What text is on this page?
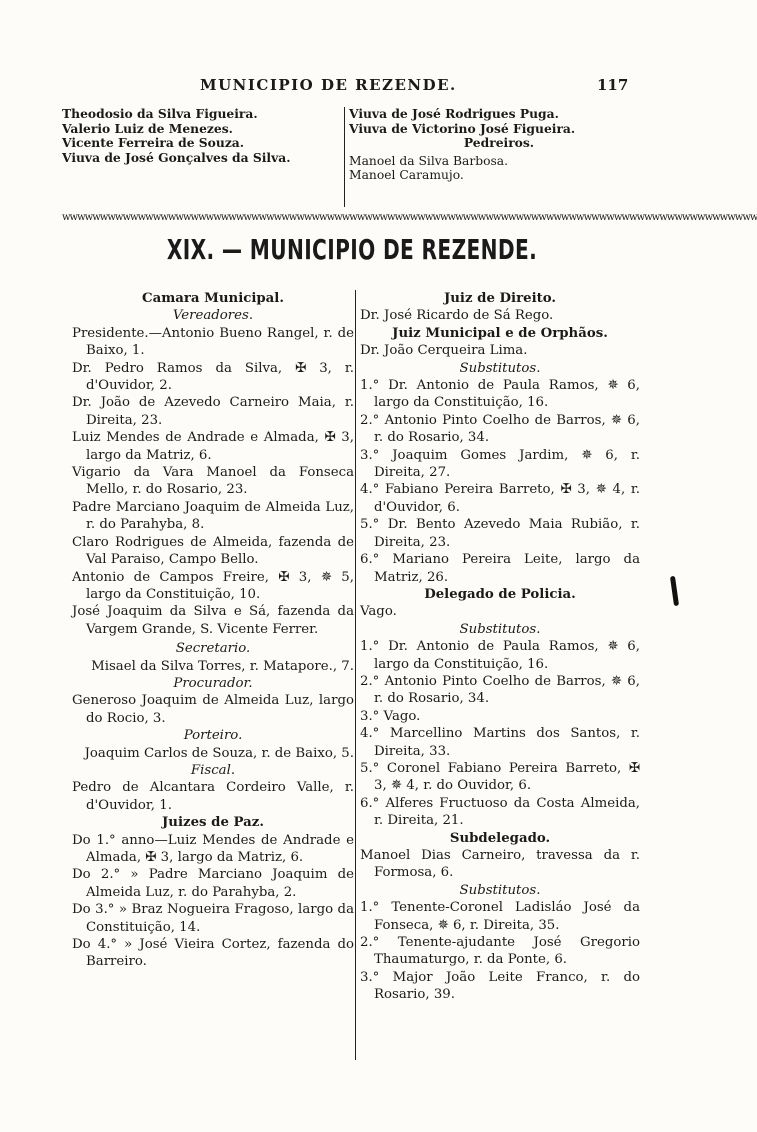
MUNICIPIO DE REZENDE.	117
Theodosio da Silva Figueira.
Valerio Luiz de Menezes.
Vicente Ferreira de Souza.
Viuva de José Gonçalves da Silva.
Viuva de José Rodrigues Puga.
Viuva de Victorino José Figueira.
Pedreiros.
Manoel da Silva Barbosa.
Manoel Caramujo.
wwwwwwwwwwwwwwwwwwwwwwwwwwwwwwwwwwwwwwwwwwwwwwwwwwwwwwwwwwwwwwwwwwwwwwwwwwwwwwwwwwwwwwwwwwww
XIX. — MUNICIPIO DE REZENDE.
Camara Municipal.
Vereadores.
Presidente.—Antonio Bueno Rangel, r. de Baixo, 1.
Dr. Pedro Ramos da Silva, ✠ 3, r. d'Ouvidor, 2.
Dr. João de Azevedo Carneiro Maia, r. Direita, 23.
Luiz Mendes de Andrade e Almada, ✠ 3, largo da Matriz, 6.
Vigario da Vara Manoel da Fonseca Mello, r. do Rosario, 23.
Padre Marciano Joaquim de Almeida Luz, r. do Parahyba, 8.
Claro Rodrigues de Almeida, fazenda de Val Paraiso, Campo Bello.
Antonio de Campos Freire, ✠ 3, ✵ 5, largo da Constituição, 10.
José Joaquim da Silva e Sá, fazenda da Vargem Grande, S. Vicente Ferrer.
Secretario.
Misael da Silva Torres, r. Matapore., 7.
Procurador.
Generoso Joaquim de Almeida Luz, largo do Rocio, 3.
Porteiro.
Joaquim Carlos de Souza, r. de Baixo, 5.
Fiscal.
Pedro de Alcantara Cordeiro Valle, r. d'Ouvidor, 1.
Juizes de Paz.
Do 1.° anno—Luiz Mendes de Andrade e Almada, ✠ 3, largo da Matriz, 6.
Do 2.° » Padre Marciano Joaquim de Almeida Luz, r. do Parahyba, 2.
Do 3.° » Braz Nogueira Fragoso, largo da Constituição, 14.
Do 4.° » José Vieira Cortez, fazenda do Barreiro.
Juiz de Direito.
Dr. José Ricardo de Sá Rego.
Juiz Municipal e de Orphãos.
Dr. João Cerqueira Lima.
Substitutos.
1.° Dr. Antonio de Paula Ramos, ✵ 6, largo da Constituição, 16.
2.° Antonio Pinto Coelho de Barros, ✵ 6, r. do Rosario, 34.
3.° Joaquim Gomes Jardim, ✵ 6, r. Direita, 27.
4.° Fabiano Pereira Barreto, ✠ 3, ✵ 4, r. d'Ouvidor, 6.
5.° Dr. Bento Azevedo Maia Rubião, r. Direita, 23.
6.° Mariano Pereira Leite, largo da Matriz, 26.
Delegado de Policia.
Vago.
Substitutos.
1.° Dr. Antonio de Paula Ramos, ✵ 6, largo da Constituição, 16.
2.° Antonio Pinto Coelho de Barros, ✵ 6, r. do Rosario, 34.
3.° Vago.
4.° Marcellino Martins dos Santos, r. Direita, 33.
5.° Coronel Fabiano Pereira Barreto, ✠ 3, ✵ 4, r. do Ouvidor, 6.
6.° Alferes Fructuoso da Costa Almeida, r. Direita, 21.
Subdelegado.
Manoel Dias Carneiro, travessa da r. Formosa, 6.
Substitutos.
1.° Tenente-Coronel Ladisláo José da Fonseca, ✵ 6, r. Direita, 35.
2.° Tenente-ajudante José Gregorio Thaumaturgo, r. da Ponte, 6.
3.° Major João Leite Franco, r. do Rosario, 39.
